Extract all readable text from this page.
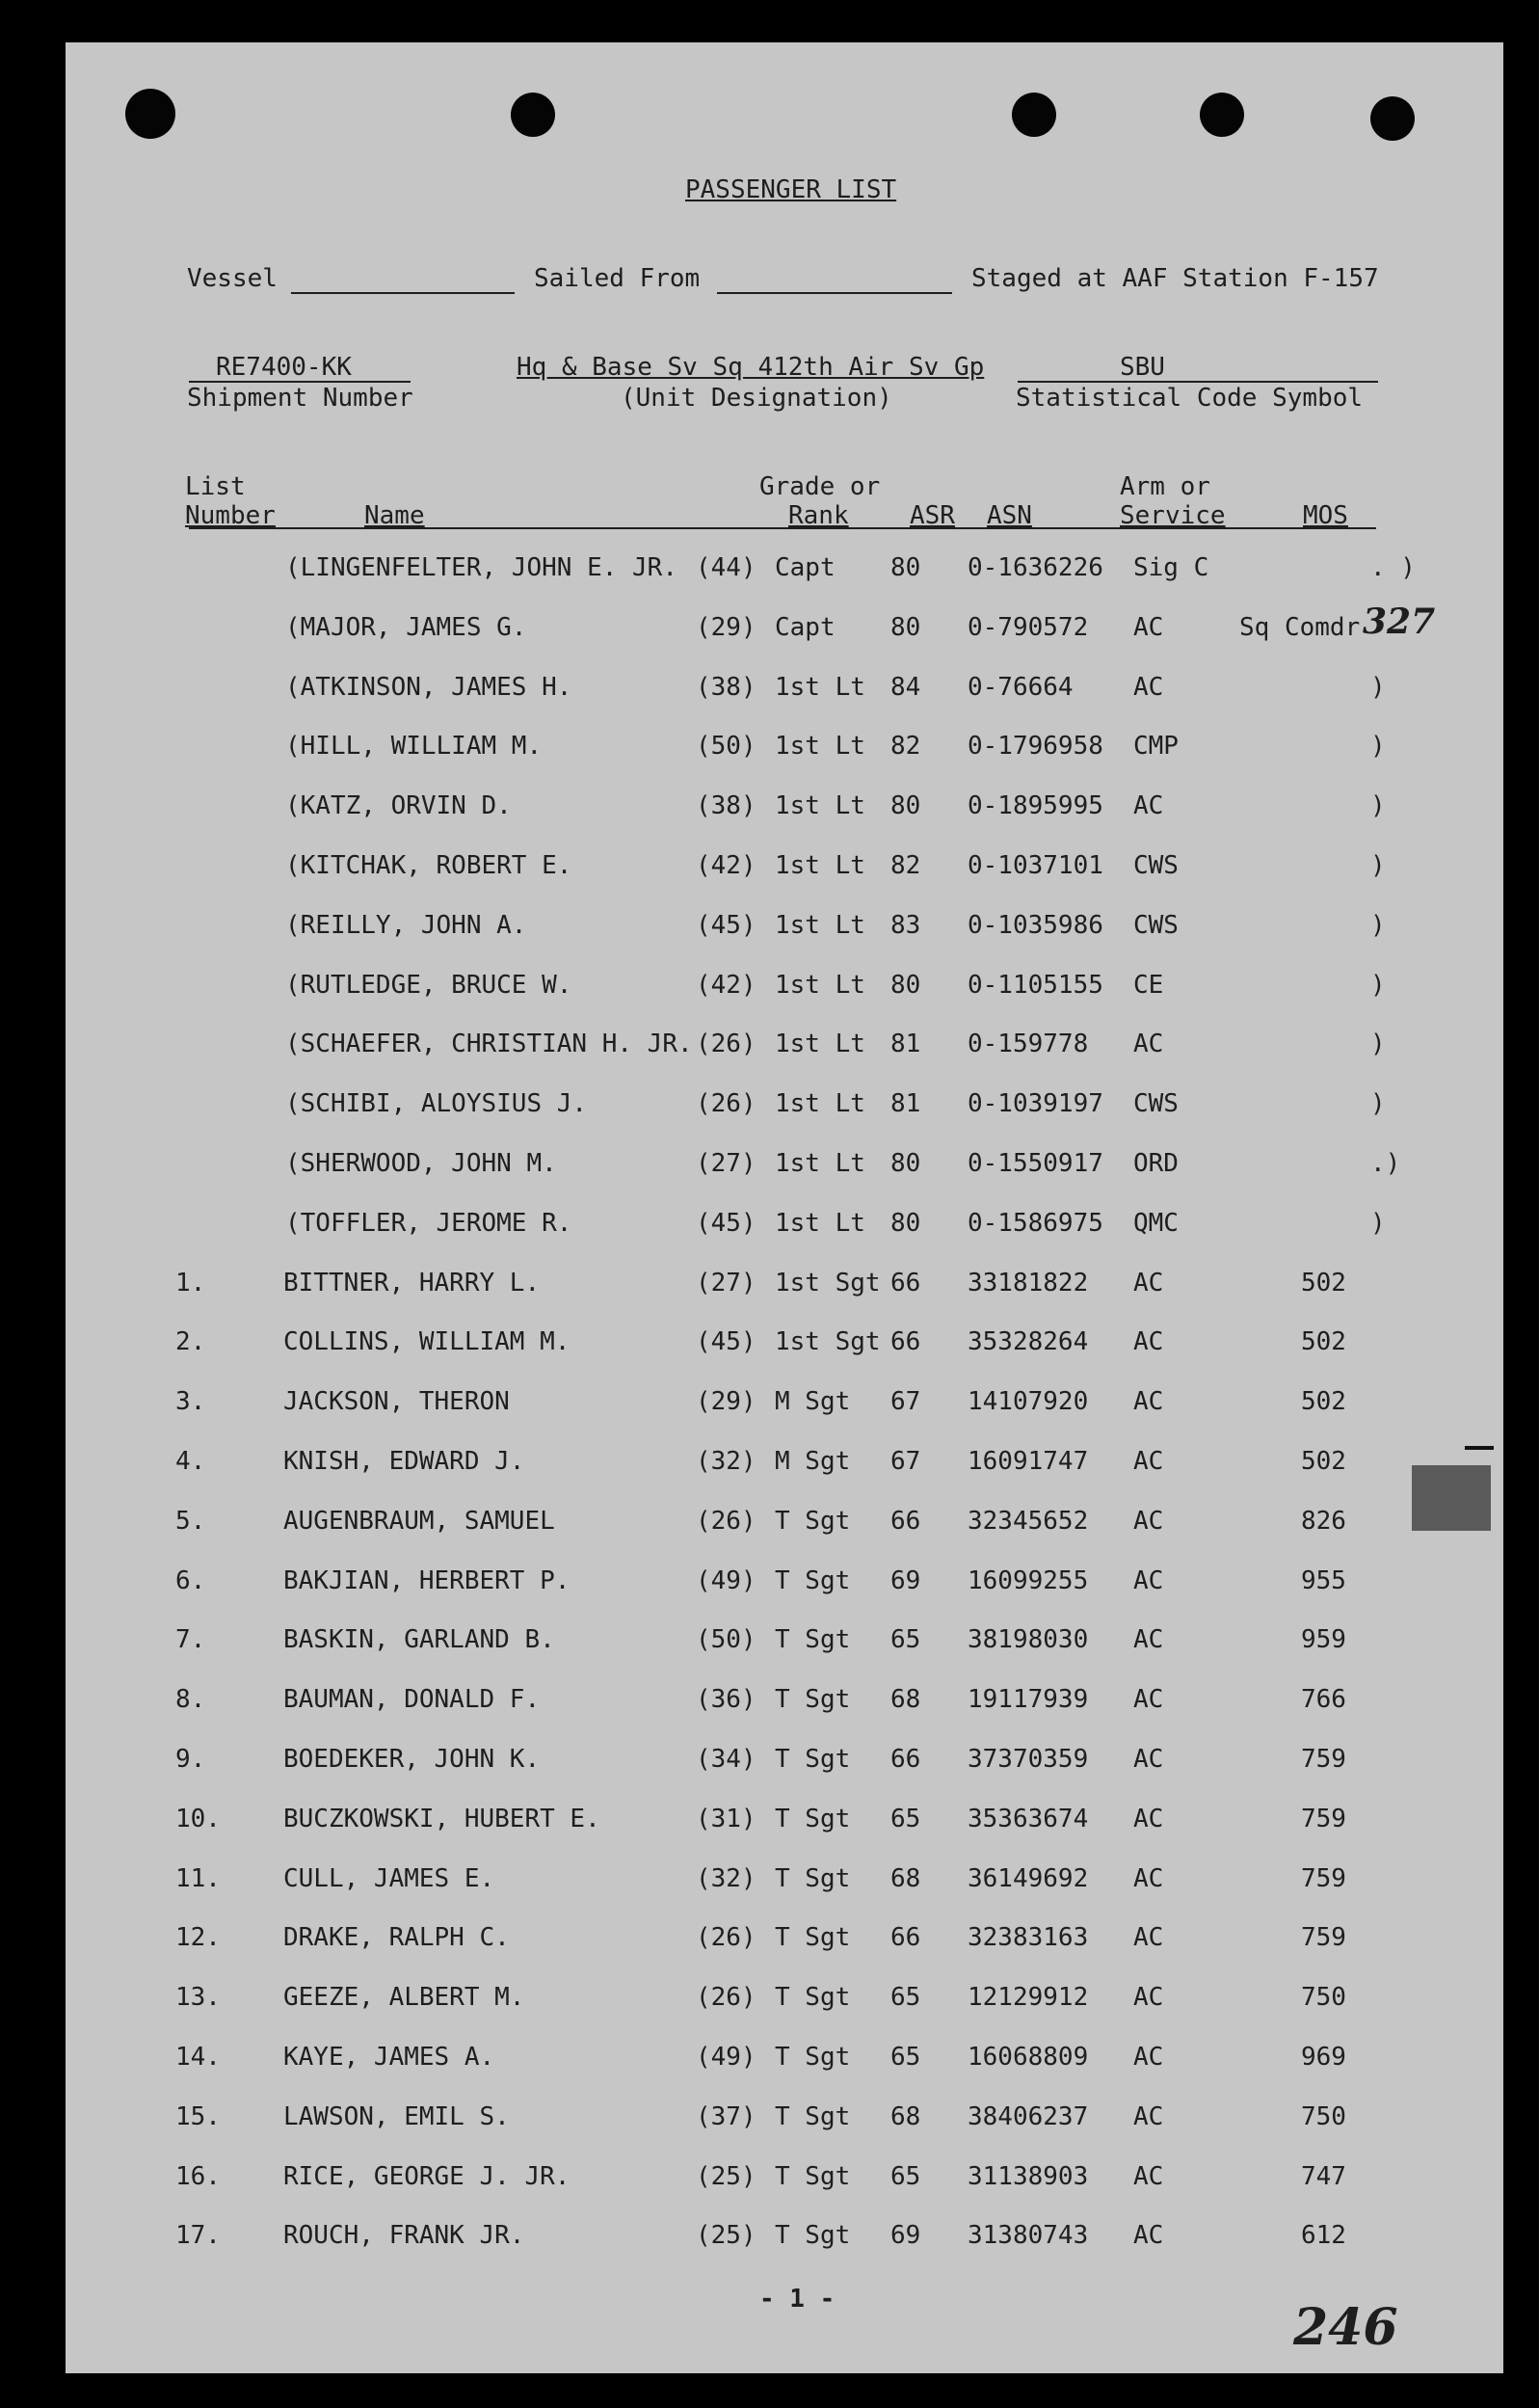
PASSENGER LIST
Vessel	Sailed From	Staged at AAF Station F-157
RE7400-KK
Shipment Number
Hq & Base Sv Sq 412th Air Sv Gp
(Unit Designation)
SBU
Statistical Code Symbol
List
Number	Name
Grade or
Rank ASR ASN
Arm or
Service	MOS
(LINGENFELTER, JOHN E. JR. (44) Capt 80 0-1636226 Sig C	. )
(MAJOR, JAMES G.	(29) Capt 80 0-790572 AC	Sq Comdr
(ATKINSON, JAMES H.	(38) 1st Lt 84 0-76664 AC	)
(HILL, WILLIAM M.	(50) 1st Lt 82 0-1796958 CMP	)
(KATZ, ORVIN D.	(38) 1st Lt 80 0-1895995 AC	)
(KITCHAK, ROBERT E.	(42) 1st Lt 82 0-1037101 CWS	)
(REILLY, JOHN A.	(45) 1st Lt 83 0-1035986 CWS	)
(RUTLEDGE, BRUCE W.	(42) 1st Lt 80 0-1105155 CE	)
(SCHAEFER, CHRISTIAN H. JR. (26) 1st Lt 81 0-159778 AC	)
(SCHIBI, ALOYSIUS J.	(26) 1st Lt 81 0-1039197 CWS	)
(SHERWOOD, JOHN M.	(27) 1st Lt 80 0-1550917 ORD	.)
(TOFFLER, JEROME R.	(45) 1st Lt 80 0-1586975 QMC	)
1.	BITTNER, HARRY L.	(27) 1st Sgt 66 33181822 AC	502
2.	COLLINS, WILLIAM M.	(45) 1st Sgt 66 35328264 AC	502
3.	JACKSON, THERON	(29) M Sgt 67 14107920 AC	502
4.	KNISH, EDWARD J.	(32) M Sgt 67 16091747 AC	502
5.	AUGENBRAUM, SAMUEL	(26) T Sgt 66 32345652 AC	826
6.	BAKJIAN, HERBERT P.	(49) T Sgt 69 16099255 AC	955
7.	BASKIN, GARLAND B.	(50) T Sgt 65 38198030 AC	959
8.	BAUMAN, DONALD F.	(36) T Sgt 68 19117939 AC	766
9.	BOEDEKER, JOHN K.	(34) T Sgt 66 37370359 AC	759
10.	BUCZKOWSKI, HUBERT E.	(31) T Sgt 65 35363674 AC	759
11.	CULL, JAMES E.	(32) T Sgt 68 36149692 AC	759
12.	DRAKE, RALPH C.	(26) T Sgt 66 32383163 AC	759
13.	GEEZE, ALBERT M.	(26) T Sgt 65 12129912 AC	750
14.	KAYE, JAMES A.	(49) T Sgt 65 16068809 AC	969
15.	LAWSON, EMIL S.	(37) T Sgt 68 38406237 AC	750
16.	RICE, GEORGE J. JR.	(25) T Sgt 65 31138903 AC	747
17.	ROUCH, FRANK JR.	(25) T Sgt 69 31380743 AC	612
327
- 1 -	246
